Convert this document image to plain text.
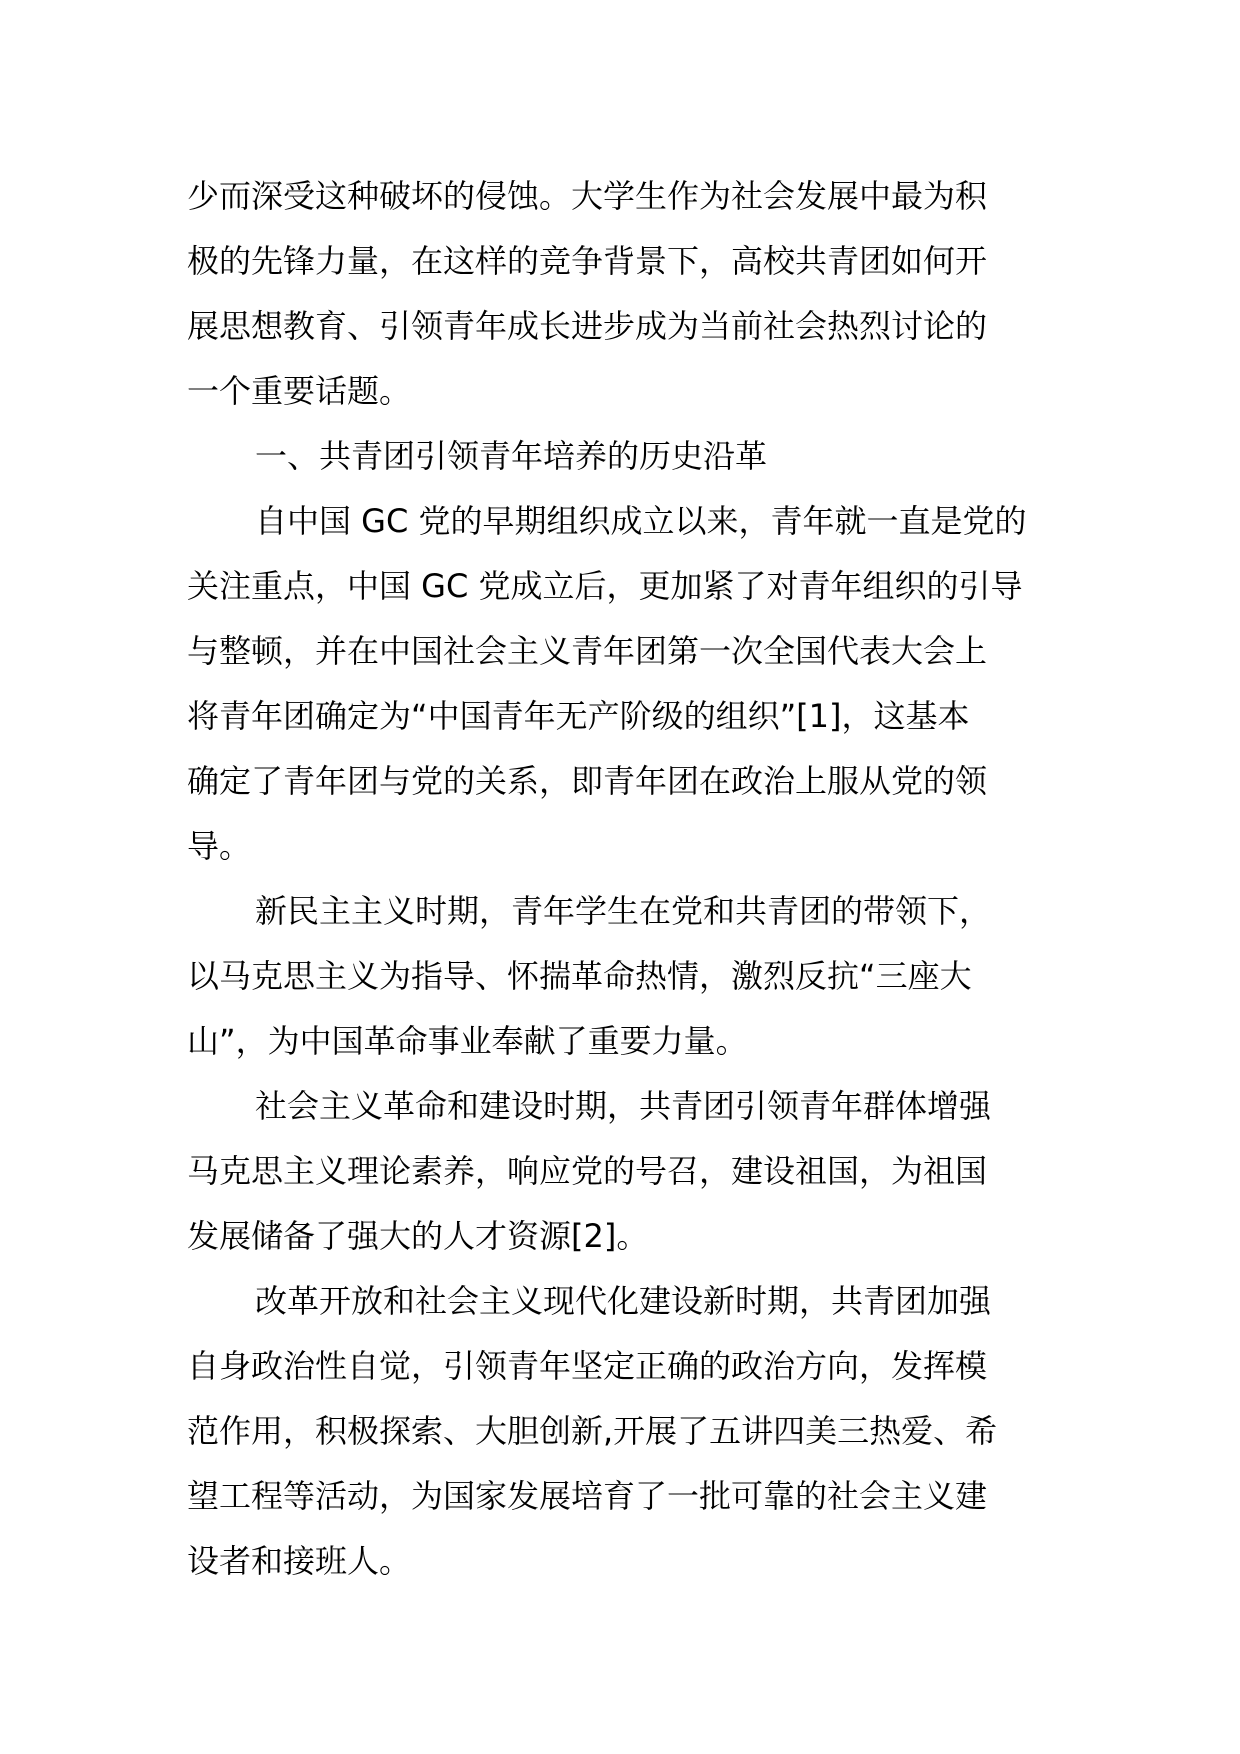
少而深受这种破坏的侵蚀。大学生作为社会发展中最为积
极的先锋力量，在这样的竞争背景下，高校共青团如何开
展思想教育、引领青年成长进步成为当前社会热烈讨论的
一个重要话题。
一、共青团引领青年培养的历史沿革
自中国 GC 党的早期组织成立以来，青年就一直是党的
关注重点，中国 GC 党成立后，更加紧了对青年组织的引导
与整顿，并在中国社会主义青年团第一次全国代表大会上
将青年团确定为“中国青年无产阶级的组织”[1]，这基本
确定了青年团与党的关系，即青年团在政治上服从党的领
导。
新民主主义时期，青年学生在党和共青团的带领下，
以马克思主义为指导、怀揣革命热情，激烈反抗“三座大
山”，为中国革命事业奉献了重要力量。
社会主义革命和建设时期，共青团引领青年群体增强
马克思主义理论素养，响应党的号召，建设祖国，为祖国
发展储备了强大的人才资源[2]。
改革开放和社会主义现代化建设新时期，共青团加强
自身政治性自觉，引领青年坚定正确的政治方向，发挥模
范作用，积极探索、大胆创新,开展了五讲四美三热爱、希
望工程等活动，为国家发展培育了一批可靠的社会主义建
设者和接班人。
